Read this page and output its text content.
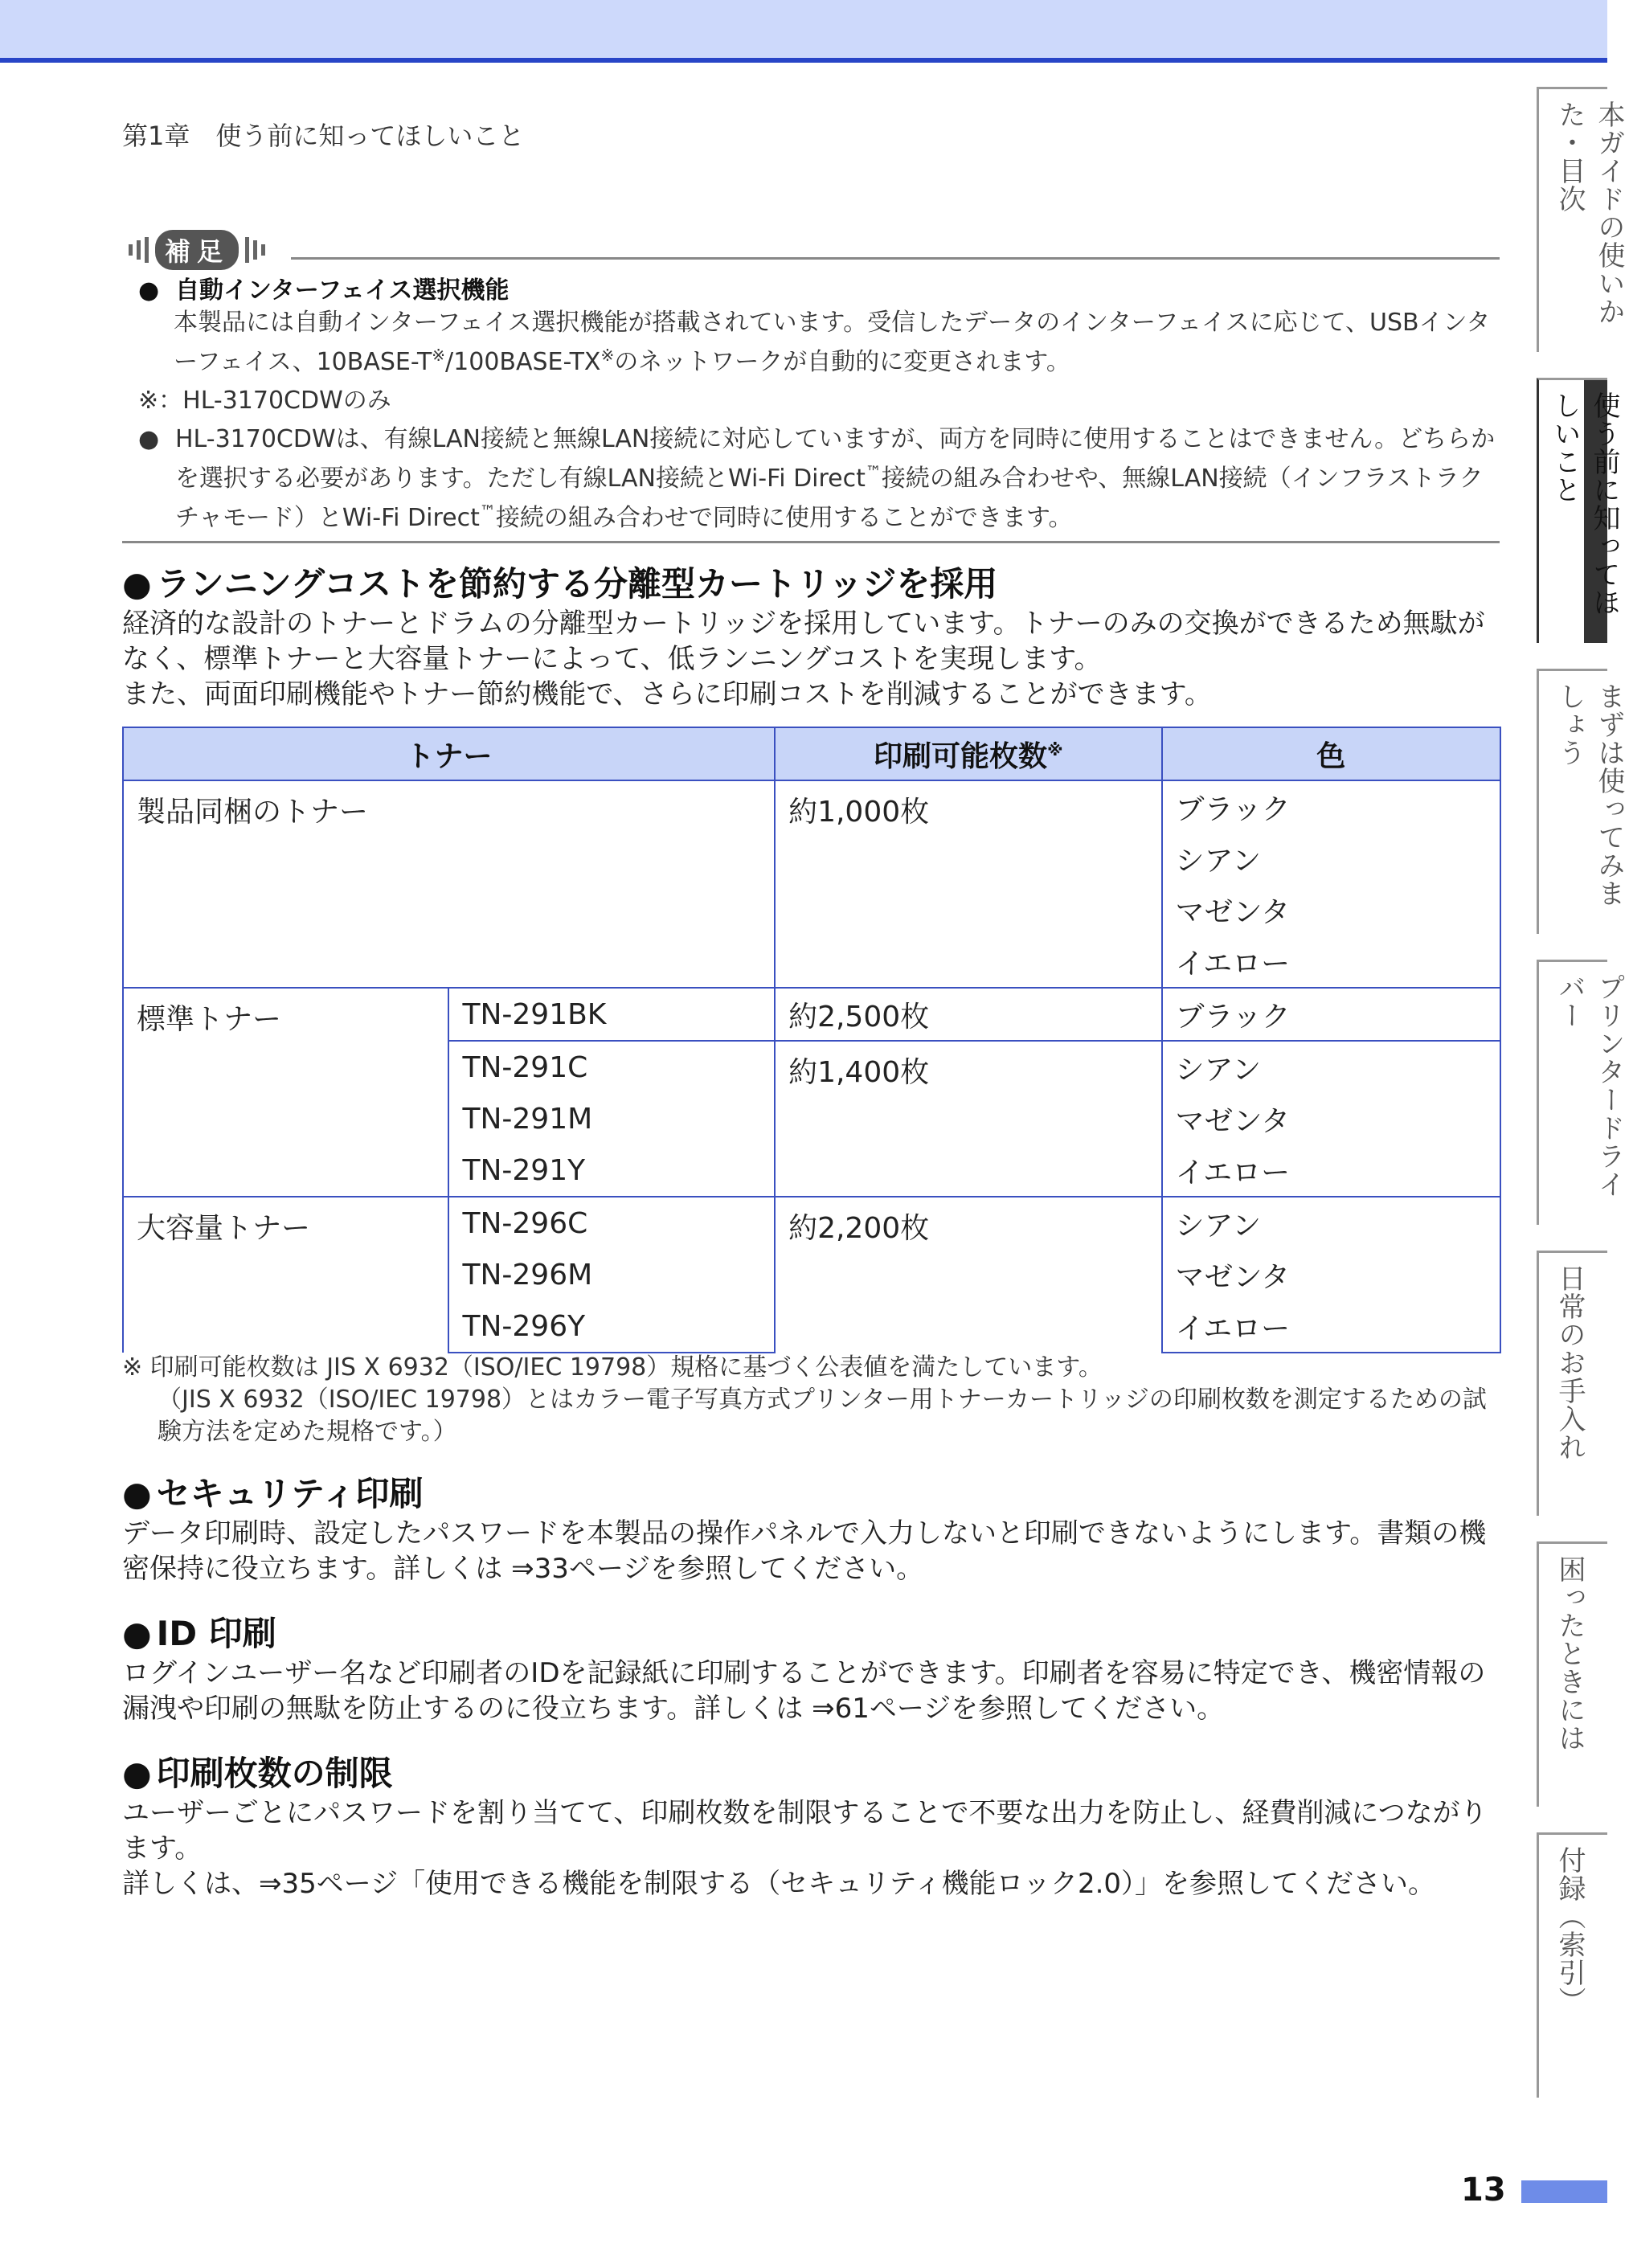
第1章　使う前に知ってほしいこと
補足
● 自動インターフェイス選択機能
本製品には自動インターフェイス選択機能が搭載されています。受信したデータのインターフェイスに応じて、USBインターフェイス、10BASE-T※/100BASE-TX※のネットワークが自動的に変更されます。
※：HL-3170CDWのみ
● HL-3170CDWは、有線LAN接続と無線LAN接続に対応していますが、両方を同時に使用することはできません。どちらかを選択する必要があります。ただし有線LAN接続とWi-Fi Direct™接続の組み合わせや、無線LAN接続（インフラストラクチャモード）とWi-Fi Direct™接続の組み合わせで同時に使用することができます。
● ランニングコストを節約する分離型カートリッジを採用
経済的な設計のトナーとドラムの分離型カートリッジを採用しています。トナーのみの交換ができるため無駄がなく、標準トナーと大容量トナーによって、低ランニングコストを実現します。
また、両面印刷機能やトナー節約機能で、さらに印刷コストを削減することができます。
トナー		印刷可能枚数※	色
製品同梱のトナー		約1,000枚	ブラック
			シアン
			マゼンタ
			イエロー
標準トナー	TN-291BK	約2,500枚	ブラック
	TN-291C	約1,400枚	シアン
	TN-291M		マゼンタ
	TN-291Y		イエロー
大容量トナー	TN-296C	約2,200枚	シアン
	TN-296M		マゼンタ
	TN-296Y		イエロー
※ 印刷可能枚数は JIS X 6932（ISO/IEC 19798）規格に基づく公表値を満たしています。
（JIS X 6932（ISO/IEC 19798）とはカラー電子写真方式プリンター用トナーカートリッジの印刷枚数を測定するための試験方法を定めた規格です。）
● セキュリティ印刷
データ印刷時、設定したパスワードを本製品の操作パネルで入力しないと印刷できないようにします。書類の機密保持に役立ちます。詳しくは ⇒33ページを参照してください。
● ID 印刷
ログインユーザー名など印刷者のIDを記録紙に印刷することができます。印刷者を容易に特定でき、機密情報の漏洩や印刷の無駄を防止するのに役立ちます。詳しくは ⇒61ページを参照してください。
● 印刷枚数の制限
ユーザーごとにパスワードを割り当てて、印刷枚数を制限することで不要な出力を防止し、経費削減につながります。
詳しくは、⇒35ページ「使用できる機能を制限する（セキュリティ機能ロック2.0）」を参照してください。
本ガイドの使いかた・目次
使う前に知ってほしいこと
まずは使ってみましょう
プリンタードライバー
日常のお手入れ
困ったときには
付録（索引）
13
